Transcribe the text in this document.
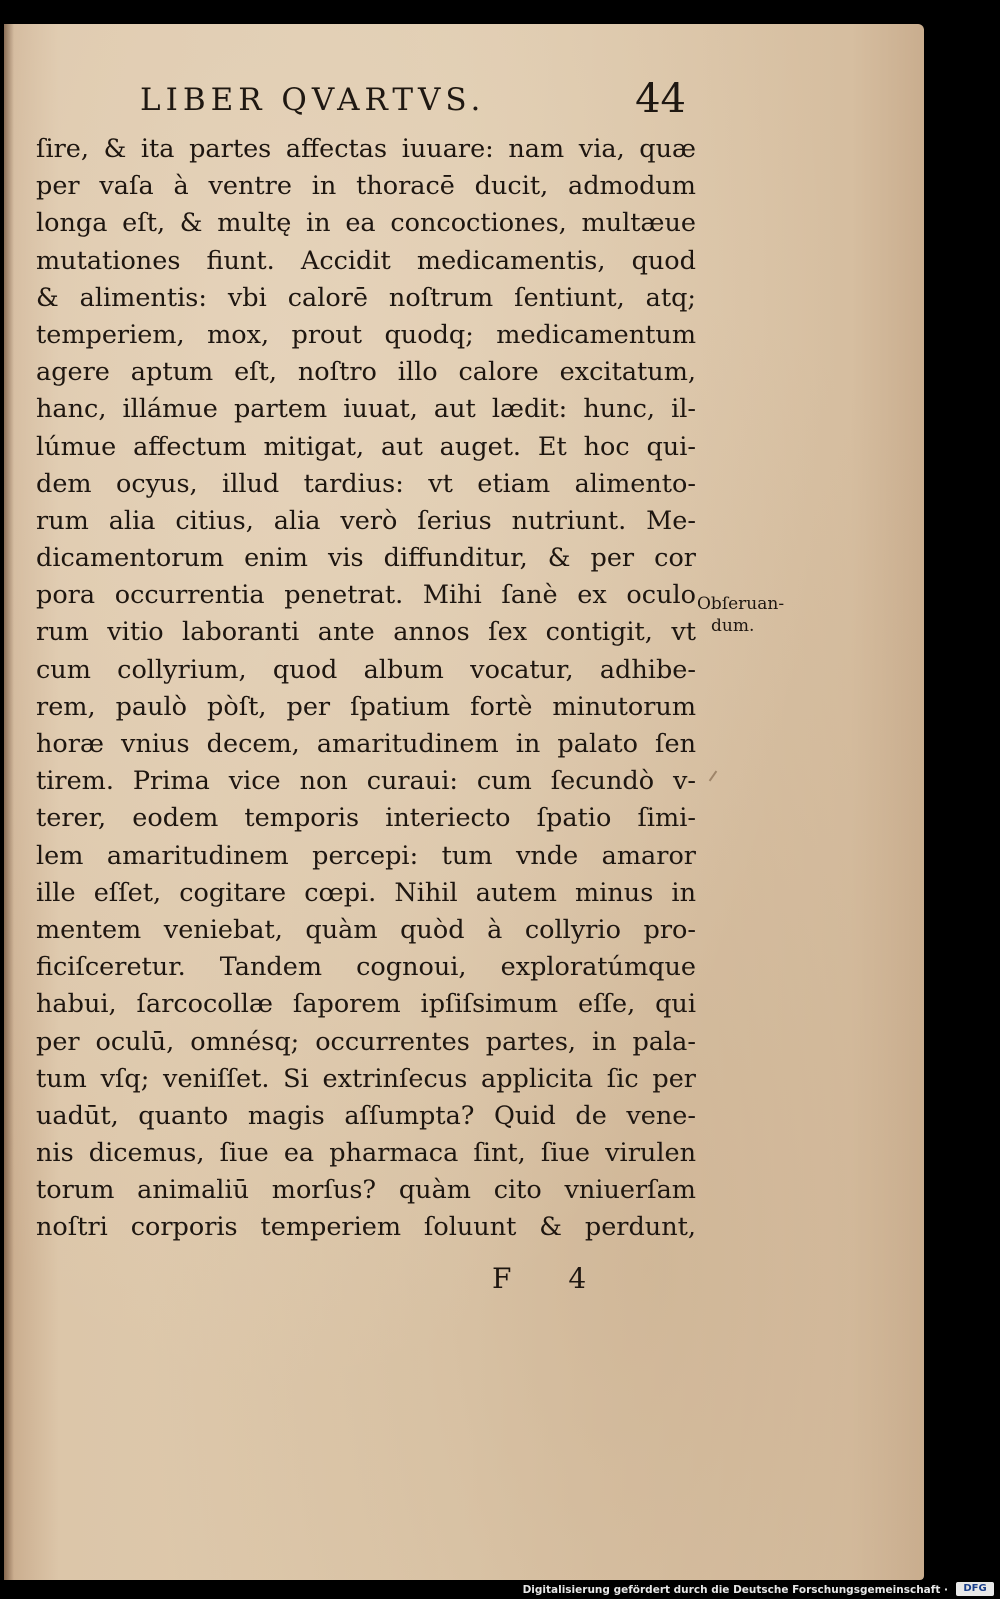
LIBER QVARTVS.	44
ſire, & ita partes affectas iuuare: nam via, quæ
per vaſa à ventre in thoracē ducit, admodum
longa eſt, & multę in ea concoctiones, multæue
mutationes fiunt. Accidit medicamentis, quod
& alimentis: vbi calorē noſtrum ſentiunt, atq;
temperiem, mox, prout quodq; medicamentum
agere aptum eſt, noſtro illo calore excitatum,
hanc, illámue partem iuuat, aut lædit: hunc, il-
lúmue affectum mitigat, aut auget. Et hoc qui-
dem ocyus, illud tardius: vt etiam alimento-
rum alia citius, alia verò ſerius nutriunt. Me-
dicamentorum enim vis diffunditur, & per cor
pora occurrentia penetrat. Mihi ſanè ex oculo
rum vitio laboranti ante annos ſex contigit, vt
cum collyrium, quod album vocatur, adhibe-
rem, paulò pòſt, per ſpatium fortè minutorum
horæ vnius decem, amaritudinem in palato ſen
tirem. Prima vice non curaui: cum ſecundò v-
terer, eodem temporis interiecto ſpatio ſimi-
lem amaritudinem percepi: tum vnde amaror
ille eſſet, cogitare cœpi. Nihil autem minus in
mentem veniebat, quàm quòd à collyrio pro-
ficiſceretur. Tandem cognoui, exploratúmque
habui, ſarcocollæ ſaporem ipſiſsimum eſſe, qui
per oculū, omnésq; occurrentes partes, in pala-
tum vſq; veniſſet. Si extrinſecus applicita ſic per
uadūt, quanto magis aſſumpta? Quid de vene-
nis dicemus, ſiue ea pharmaca ſint, ſiue virulen
torum animaliū morſus? quàm cito vniuerſam
noſtri corporis temperiem ſoluunt & perdunt,
Obſeruan-
dum.
F 4
Digitalisierung gefördert durch die Deutsche Forschungsgemeinschaft ·	DFG
